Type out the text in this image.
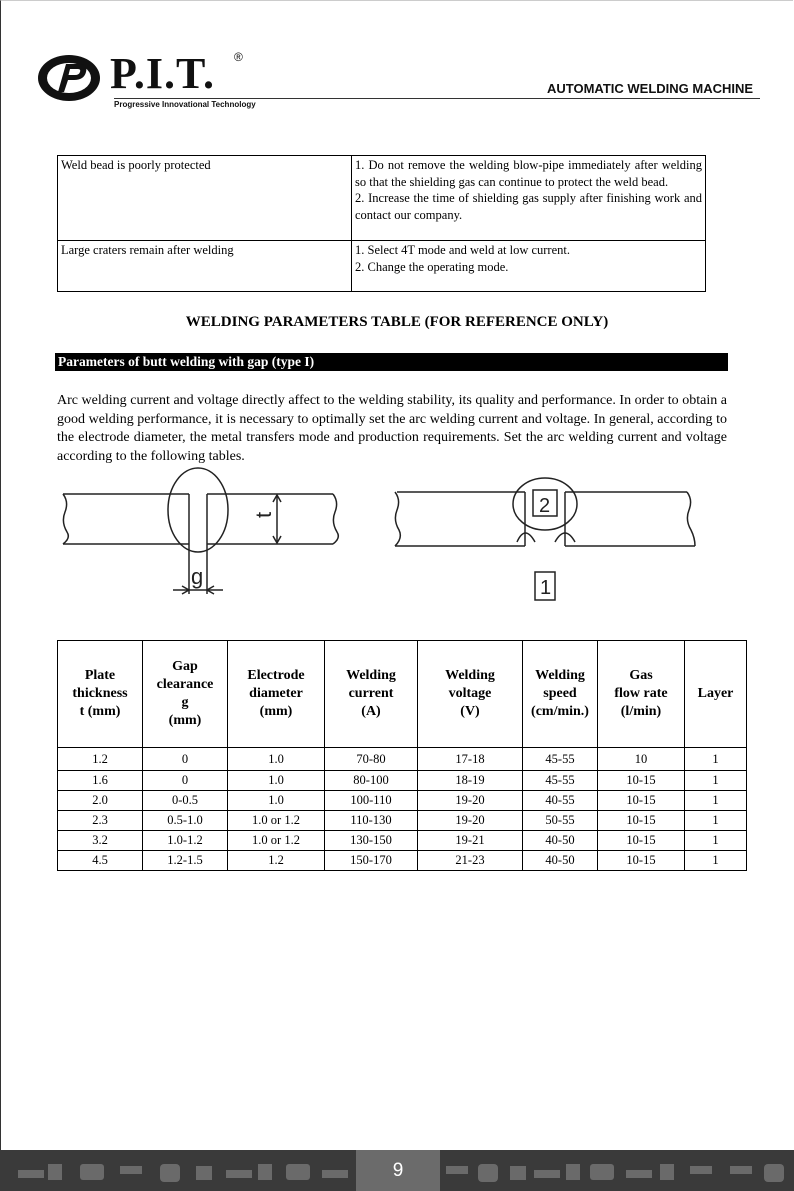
P.I.T. ®
Progressive Innovational Technology
AUTOMATIC WELDING MACHINE
Weld bead is poorly protected	1. Do not remove the welding blow-pipe immediately after welding so that the shielding gas can continue to protect the weld bead.
2. Increase the time of shielding gas supply after finishing work and contact our company.

Large craters remain after welding	1. Select 4T mode and weld at low current.
2. Change the operating mode.
WELDING PARAMETERS TABLE (FOR REFERENCE ONLY)
Parameters of butt welding with gap (type I)
Arc welding current and voltage directly affect to the welding stability, its quality and performance. In order to obtain a good welding performance, it is necessary to optimally set the arc welding current and voltage. In general, according to the electrode diameter, the metal transfers mode and production requirements. Set the arc welding current and voltage according to the following tables.
t
g
2
1
Plate
thickness
t (mm)	Gap
clearance
g
(mm)	Electrode
diameter
(mm)	Welding
current
(A)	Welding
voltage
(V)	Welding
speed
(cm/min.)	Gas
flow rate
(l/min)	Layer

1.2	0	1.0	70-80	17-18	45-55	10	1
1.6	0	1.0	80-100	18-19	45-55	10-15	1
2.0	0-0.5	1.0	100-110	19-20	40-55	10-15	1
2.3	0.5-1.0	1.0 or 1.2	110-130	19-20	50-55	10-15	1
3.2	1.0-1.2	1.0 or 1.2	130-150	19-21	40-50	10-15	1
4.5	1.2-1.5	1.2	150-170	21-23	40-50	10-15	1
9
